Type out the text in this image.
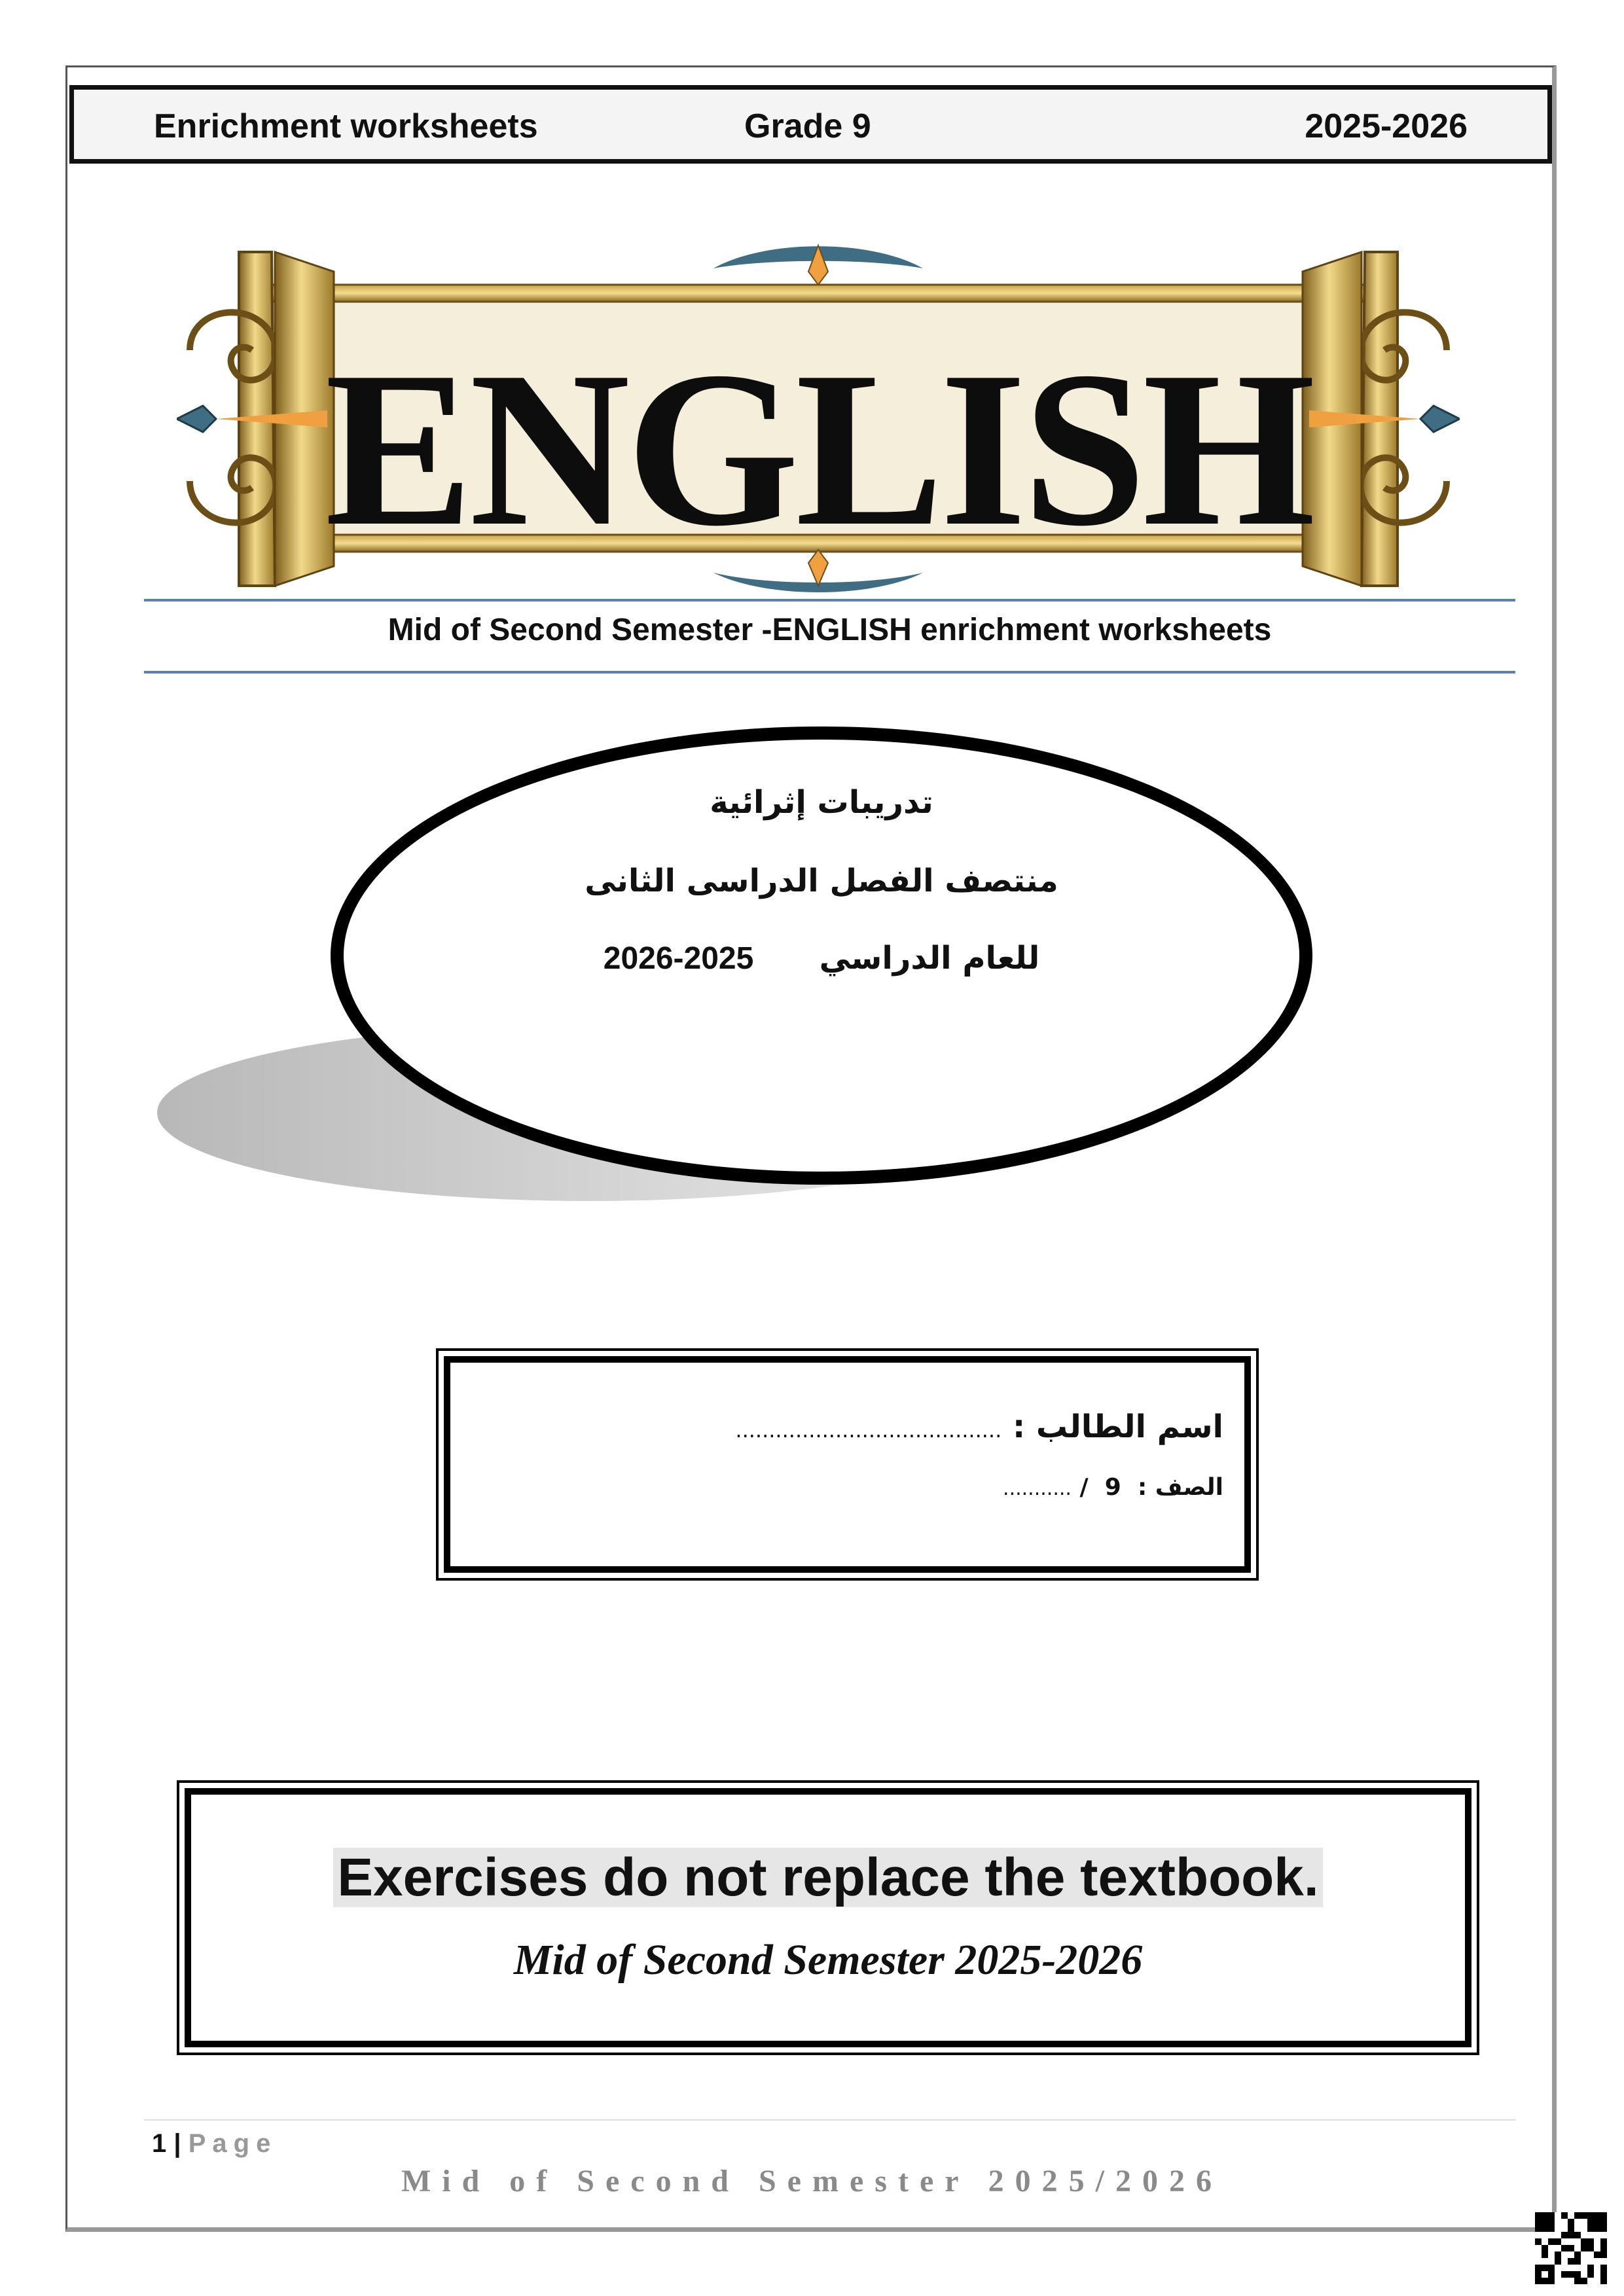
Enrichment worksheets	Grade 9	2025-2026
ENGLISH
Mid of Second Semester -ENGLISH enrichment worksheets
تدريبات إثرائية
منتصف الفصل الدراسى الثانى
للعام الدراسي      2025-2026
اسم الطالب : ........................................
الصف :  9  / ...........
Exercises do not replace the textbook.
Mid of Second Semester 2025-2026
1 | Page
Mid of Second Semester 2025/2026
